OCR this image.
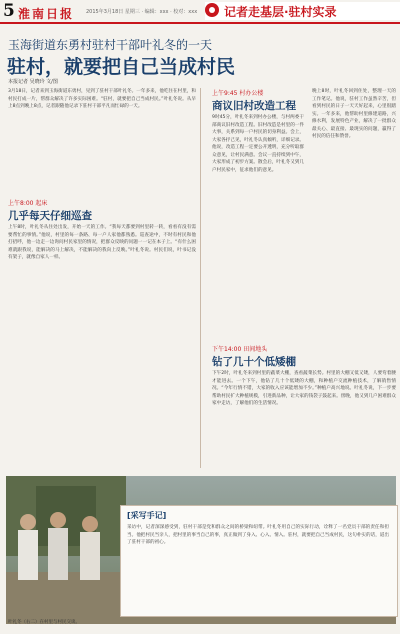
5 淮南日报 2015年3月18日 星期三 · 编辑：xxx · 校对：xxx 记者走基层·驻村实录
玉海街道东勇村驻村干部叶礼冬的一天
驻村，就要把自己当成村民
本报记者 吴晓玲 文/图
3月18日，记者来到玉海街道东勇村，见到了驻村干部叶礼冬。一年多来，他吃住在村里，和村民打成一片，帮群众解决了许多实际困难。“驻村，就要把自己当成村民。”叶礼冬说。从早上8点到晚上8点，记者跟随他记录下驻村干部平凡而忙碌的一天。
上午8:00 起床
几乎每天仔细巡查
上午8时，叶礼冬从住处出发，开始一天的工作。“我每天都要到村里转一转，看看有没有需要帮忙的事情。”他说，村里的每一条路、每一户人家他都熟悉。巡查途中，不时有村民和他打招呼，他一边走一边询问村民家里的情况，把群众反映的问题一一记在本子上。“有什么困难就跟我说，能解决的马上解决，不能解决的我向上反映。”叶礼冬说。村民们说，叶书记没有架子，就像自家人一样。
上午9:45 村办公楼
商议旧村改造工程
9时45分，叶礼冬来到村办公楼，与村两委干部商议旧村改造工程。旧村改造是村里的一件大事，关系到每一户村民的切身利益。会上，大家各抒己见，叶礼冬认真倾听，详细记录。他说，改造工程一定要公开透明，充分听取群众意见，让村民满意。会议一直持续到中午，大家形成了初步方案。散会后，叶礼冬又到几户村民家中，征求他们的意见。
晚上8时，叶礼冬回到住处，整理一天的工作笔记。他说，驻村工作虽然辛苦，但看到村民的日子一天天好起来，心里很踏实。一年多来，他帮助村里修建道路，兴修水利，发展特色产业，解决了一批群众最关心、最直接、最现实的问题，赢得了村民的信任和赞誉。
下午14:00 田间地头
钻了几十个低矮棚
下午2时，叶礼冬来到村里的蔬菜大棚，查看蔬菜长势。村里的大棚又低又矮，人要弯着腰才能进去。一个下午，他钻了几十个低矮的大棚，和种植户交流种植技术，了解销售情况。“今年行情不错，大家的收入应该能增加不少。”种植户高兴地说。叶礼冬说，下一步要帮助村民扩大种植规模，引进新品种，让大家的钱袋子鼓起来。傍晚，他又到几户困难群众家中走访，了解他们的生活情况。
[采写手记]
采访中，记者深深感受到，驻村干部是党和群众之间的桥梁和纽带。叶礼冬用自己的实际行动，诠释了一名党员干部的责任和担当。他把村民当亲人，把村里的事当自己的事，真正做到了身入、心入、情入。驻村，就要把自己当成村民，这句朴实的话，道出了驻村干部的初心。
叶礼冬（右二）在村里与村民交谈。
